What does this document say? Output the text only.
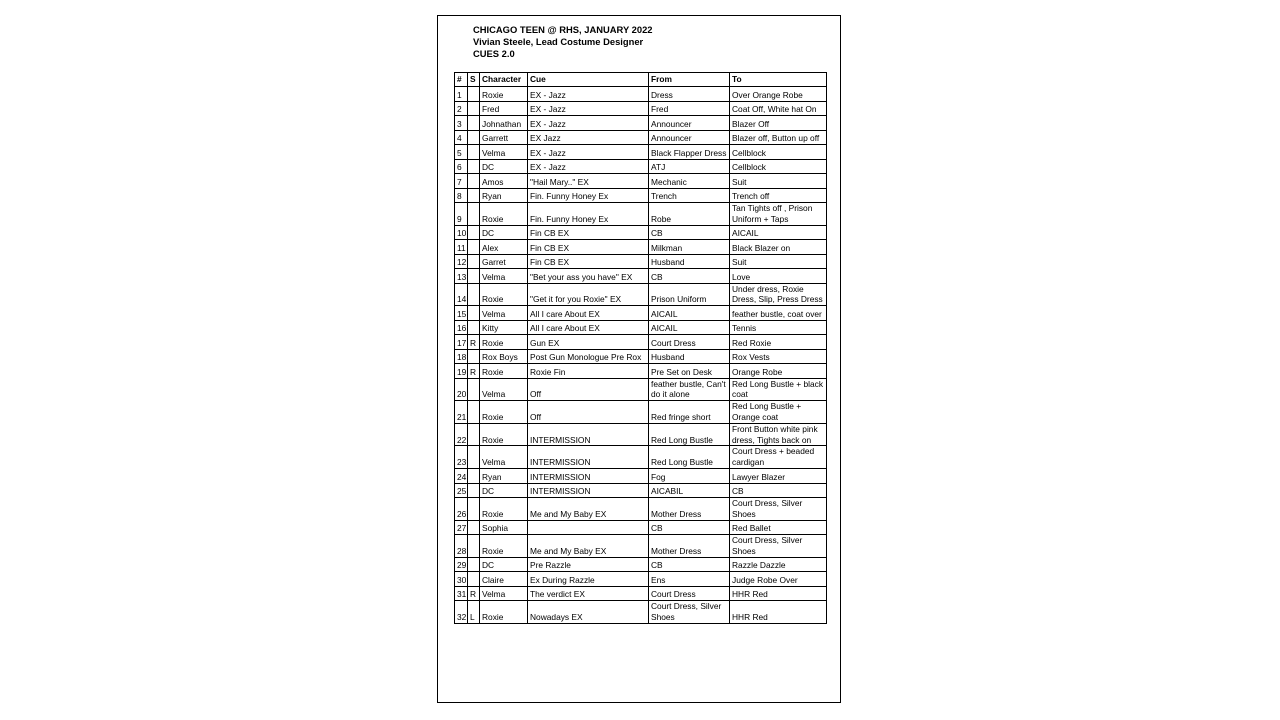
CHICAGO TEEN @ RHS, JANUARY 2022
Vivian Steele, Lead Costume Designer
CUES 2.0
#	S	Character	Cue	From	To
1		Roxie	EX - Jazz	Dress	Over Orange Robe
2		Fred	EX - Jazz	Fred	Coat Off, White hat On
3		Johnathan	EX - Jazz	Announcer	Blazer Off
4		Garrett	EX Jazz	Announcer	Blazer off, Button up off
5		Velma	EX - Jazz	Black Flapper Dress	Cellblock
6		DC	EX - Jazz	ATJ	Cellblock
7		Amos	"Hail Mary.." EX	Mechanic	Suit
8		Ryan	Fin. Funny Honey Ex	Trench	Trench off
9		Roxie	Fin. Funny Honey Ex	Robe	Tan Tights off , Prison Uniform + Taps
10		DC	Fin CB EX	CB	AICAIL
11		Alex	Fin CB EX	Milkman	Black Blazer on
12		Garret	Fin CB EX	Husband	Suit
13		Velma	"Bet your ass you have" EX	CB	Love
14		Roxie	"Get it for you Roxie" EX	Prison Uniform	Under dress, Roxie Dress, Slip, Press Dress
15		Velma	All I care About EX	AICAIL	feather bustle, coat over
16		Kitty	All I care About EX	AICAIL	Tennis
17	R	Roxie	Gun EX	Court Dress	Red Roxie
18		Rox Boys	Post Gun Monologue Pre Rox	Husband	Rox Vests
19	R	Roxie	Roxie Fin	Pre Set on Desk	Orange Robe
20		Velma	Off	feather bustle, Can't do it alone	Red Long Bustle + black coat
21		Roxie	Off	Red fringe short	Red Long Bustle + Orange coat
22		Roxie	INTERMISSION	Red Long Bustle	Front Button white pink dress, Tights back on
23		Velma	INTERMISSION	Red Long Bustle	Court Dress + beaded cardigan
24		Ryan	INTERMISSION	Fog	Lawyer Blazer
25		DC	INTERMISSION	AICABIL	CB
26		Roxie	Me and My Baby EX	Mother Dress	Court Dress, Silver Shoes
27		Sophia		CB	Red Ballet
28		Roxie	Me and My Baby EX	Mother Dress	Court Dress, Silver Shoes
29		DC	Pre Razzle	CB	Razzle Dazzle
30		Claire	Ex During Razzle	Ens	Judge Robe Over
31	R	Velma	The verdict EX	Court Dress	HHR Red
32	L	Roxie	Nowadays EX	Court Dress, Silver Shoes	HHR Red
